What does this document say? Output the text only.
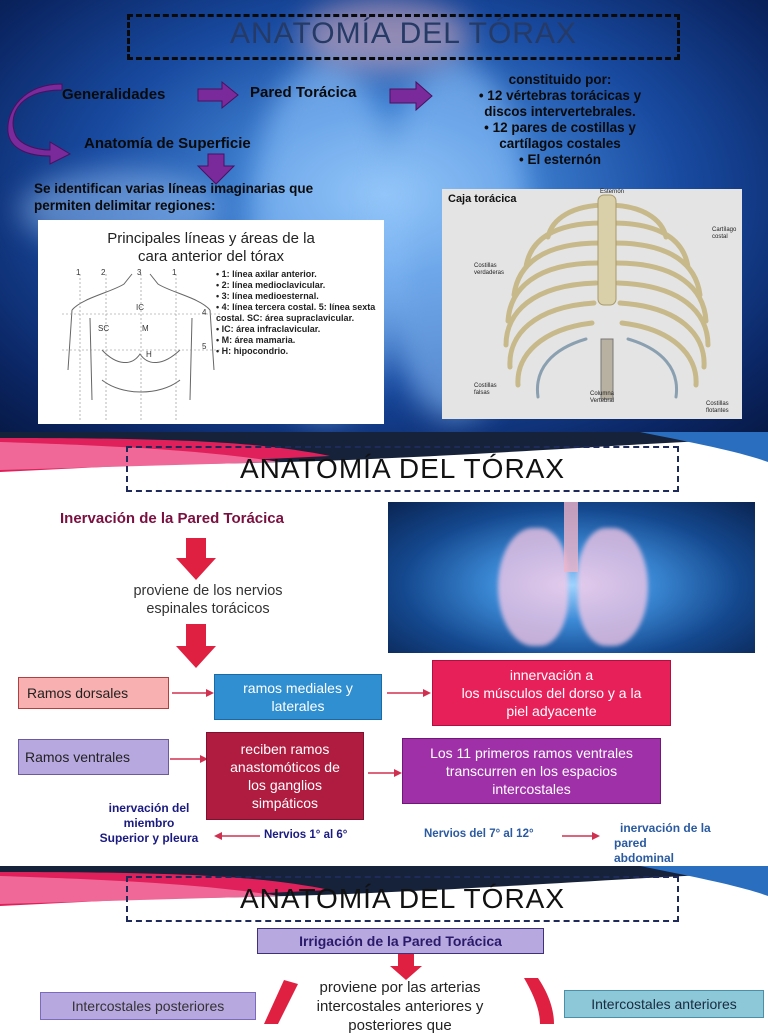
ANATOMÍA DEL TÓRAX
Generalidades	Pared Torácica
Anatomía de Superficie
Se identifican varias líneas imaginarias que
permiten delimitar regiones:
constituido por:
• 12 vértebras torácicas y
discos intervertebrales.
• 12 pares de costillas y
cartílagos costales
• El esternón
Principales líneas y áreas de la
cara anterior del tórax
1	2	3	1
4
5
IC
M
H
SC
• 1: línea axilar anterior.
• 2: línea medioclavicular.
• 3: línea medioesternal.
• 4: línea tercera costal. 5: línea sexta costal. SC: área supraclavicular.
• IC: área infraclavicular.
• M: área mamaria.
• H: hipocondrio.
Caja torácica
Esternón
Cartílago costal
Costillas verdaderas
Costillas falsas	Columna Vertebral	Costillas flotantes
ANATOMÍA DEL TÓRAX
Inervación de la Pared Torácica
proviene de los nervios
espinales torácicos
Ramos dorsales	ramos mediales y laterales
innervación a
los músculos del dorso y a la
piel adyacente
Ramos ventrales	reciben ramos
anastomóticos de
los ganglios
simpáticos
Los 11 primeros ramos ventrales
transcurren en los espacios
intercostales
inervación del
miembro
Superior y pleura	Nervios 1° al 6°	Nervios del 7° al 12°	inervación de la
pared
abdominal
ANATOMÍA DEL TÓRAX
Irrigación de la Pared Torácica
Intercostales posteriores
proviene por las arterias
intercostales anteriores y
posteriores que
Intercostales anteriores
